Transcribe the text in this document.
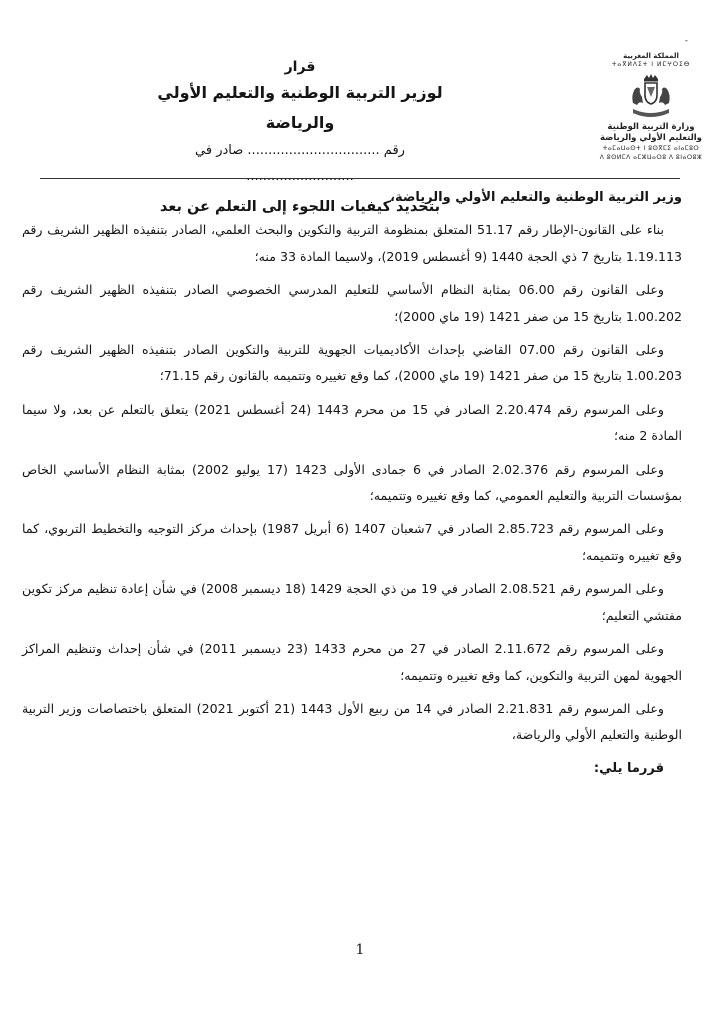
-
المملكة المغربية
ⵜⴰⴳⵍⴷⵉⵜ ⵏ ⵍⵎⵖⵔⵉⴱ
وزارة التربية الوطنية
والتعليم الأولي والرياضة
ⵜⴰⵎⴰⵡⴰⵙⵜ ⵏ ⵓⵙⴳⵎⵉ ⴰⵏⴰⵎⵓⵔ
ⴷ ⵓⵙⵍⵎⴷ ⴰⵎⵣⵡⴰⵔⵓ ⴷ ⵓⵏⴰⵔⵓⵣ
قرار
لوزير التربية الوطنية والتعليم الأولي والرياضة
رقم ................................ صادر في ..........................
بتحديد كيفيات اللجوء إلى التعلم عن بعد

وزير التربية الوطنية والتعليم الأولي والرياضة،

بناء على القانون-الإطار رقم 51.17 المتعلق بمنظومة التربية والتكوين والبحث العلمي، الصادر بتنفيذه الظهير الشريف رقم 1.19.113 بتاريخ 7 ذي الحجة 1440 (9 أغسطس 2019)، ولاسيما المادة 33 منه؛

وعلى القانون رقم 06.00 بمثابة النظام الأساسي للتعليم المدرسي الخصوصي الصادر بتنفيذه الظهير الشريف رقم 1.00.202 بتاريخ 15 من صفر 1421 (19 ماي 2000)؛

وعلى القانون رقم 07.00 القاضي بإحداث الأكاديميات الجهوية للتربية والتكوين الصادر بتنفيذه الظهير الشريف رقم 1.00.203 بتاريخ 15 من صفر 1421 (19 ماي 2000)، كما وقع تغييره وتتميمه بالقانون رقم 71.15؛

وعلى المرسوم رقم 2.20.474 الصادر في 15 من محرم 1443 (24 أغسطس 2021) يتعلق بالتعلم عن بعد، ولا سيما المادة 2 منه؛

وعلى المرسوم رقم 2.02.376 الصادر في 6 جمادى الأولى 1423 (17 يوليو 2002) بمثابة النظام الأساسي الخاص بمؤسسات التربية والتعليم العمومي، كما وقع تغييره وتتميمه؛

وعلى المرسوم رقم 2.85.723 الصادر في 7شعبان 1407 (6 أبريل 1987) بإحداث مركز التوجيه والتخطيط التربوي، كما وقع تغييره وتتميمه؛

وعلى المرسوم رقم 2.08.521 الصادر في 19 من ذي الحجة 1429 (18 ديسمبر 2008) في شأن إعادة تنظيم مركز تكوين مفتشي التعليم؛

وعلى المرسوم رقم 2.11.672 الصادر في 27 من محرم 1433 (23 ديسمبر 2011) في شأن إحداث وتنظيم المراكز الجهوية لمهن التربية والتكوين، كما وقع تغييره وتتميمه؛

وعلى المرسوم رقم 2.21.831 الصادر في 14 من ربيع الأول 1443 (21 أكتوبر 2021) المتعلق باختصاصات وزير التربية الوطنية والتعليم الأولي والرياضة،

قررما يلي:

1
